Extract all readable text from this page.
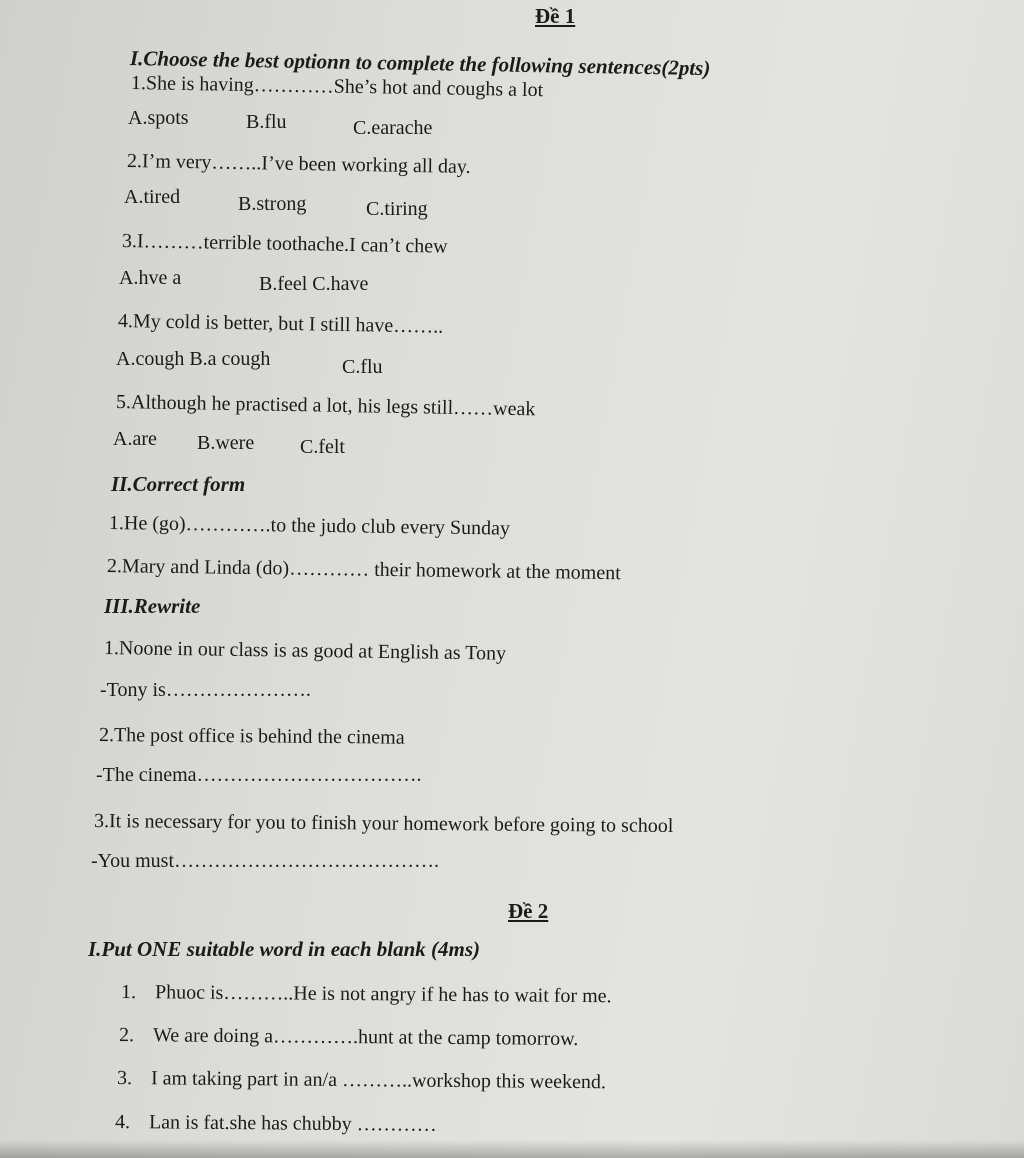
Đề 1
I.Choose the best optionn to complete the following sentences(2pts)
1.She is having…………She’s hot and coughs a lot
A.spots	B.flu	C.earache
2.I’m very……..I’ve been working all day.
A.tired	B.strong	C.tiring
3.I………terrible toothache.I can’t chew
A.hve a	B.feel C.have
4.My cold is better, but I still have……..
A.cough B.a cough	C.flu
5.Although he practised a lot, his legs still……weak
A.are B.were C.felt
II.Correct form
1.He (go)………….to the judo club every Sunday
2.Mary and Linda (do)………… their homework at the moment
III.Rewrite
1.Noone in our class is as good at English as Tony
-Tony is………………….
2.The post office is behind the cinema
-The cinema…………………………….
3.It is necessary for you to finish your homework before going to school
-You must………………………………….
Đề 2
I.Put ONE suitable word in each blank (4ms)
1. Phuoc is………..He is not angry if he has to wait for me.
2. We are doing a………….hunt at the camp tomorrow.
3. I am taking part in an/a ………..workshop this weekend.
4. Lan is fat.she has chubby …………
